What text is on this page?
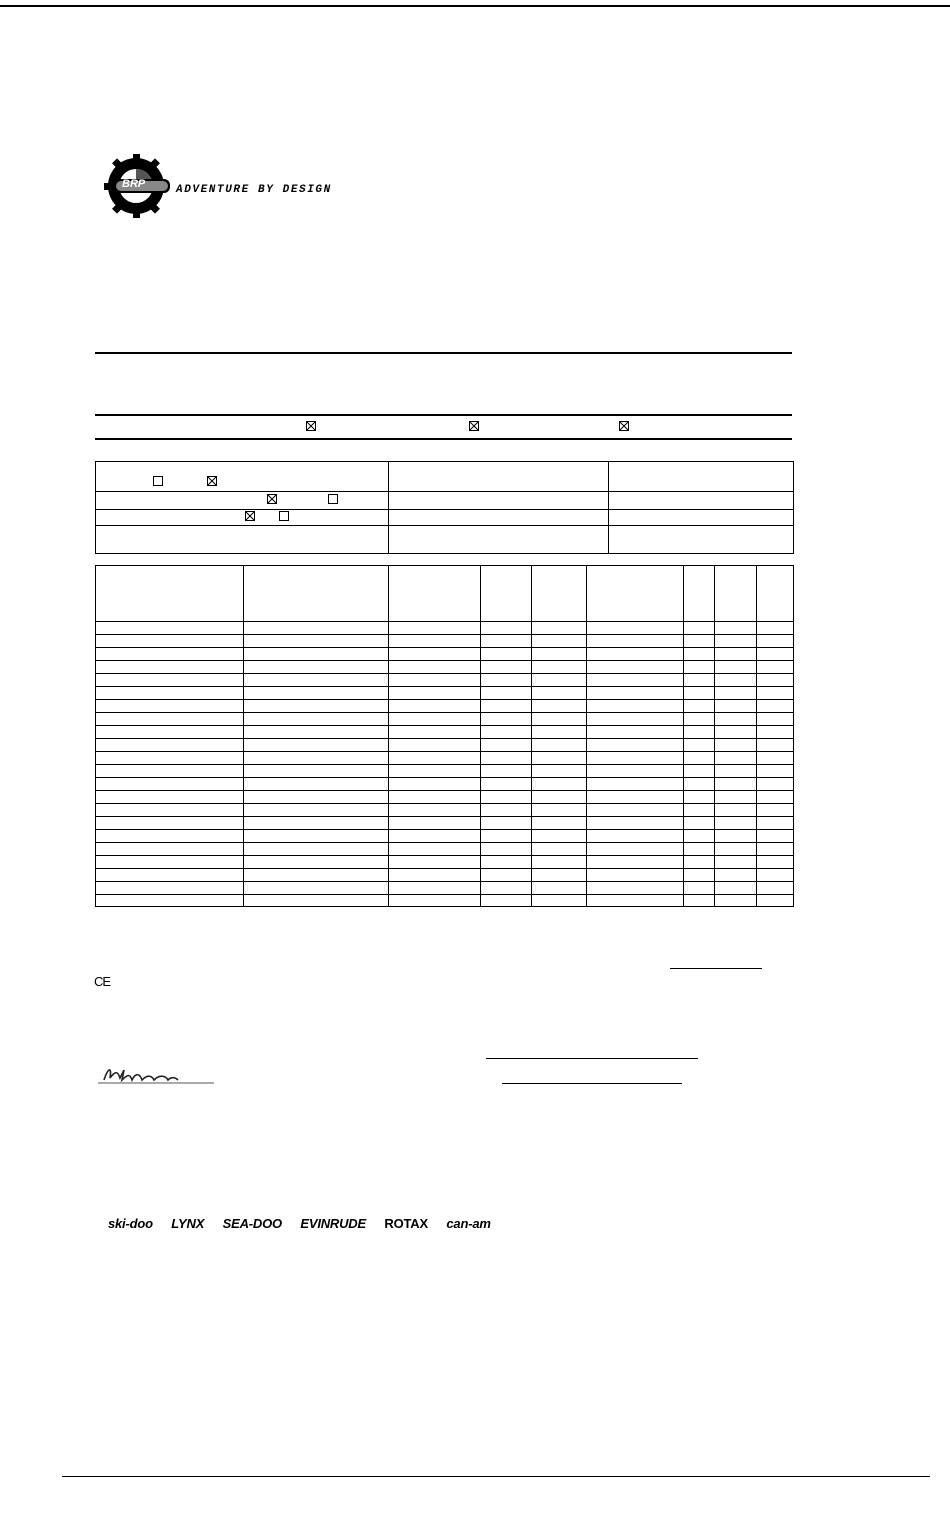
BRP	ADVENTURE BY DESIGN

CE
ski-doo LYNX SEA-DOO EVINRUDE ROTAX can-am
